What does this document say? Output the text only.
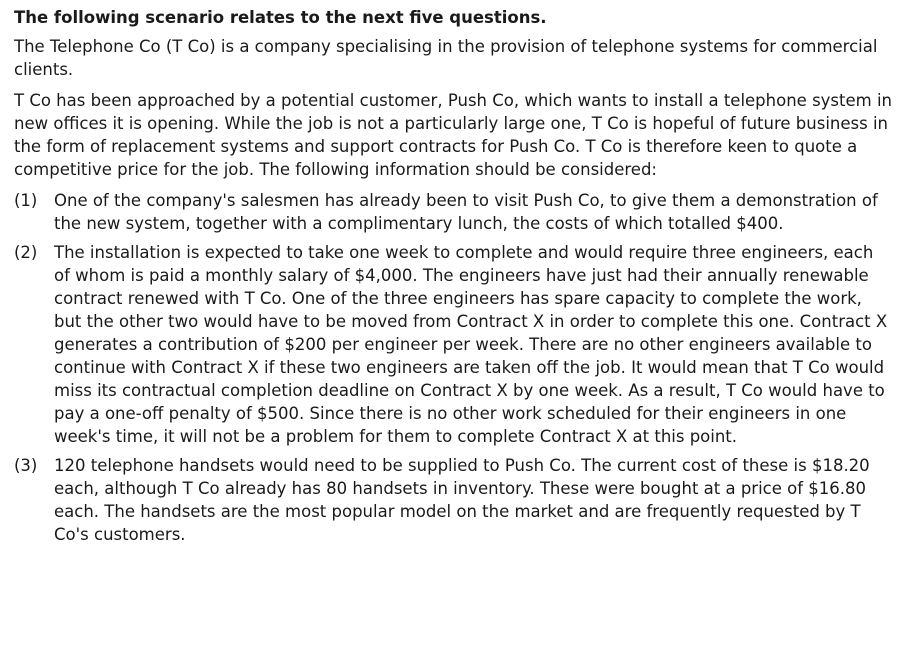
The following scenario relates to the next five questions.

The Telephone Co (T Co) is a company specialising in the provision of telephone systems for commercial clients.

T Co has been approached by a potential customer, Push Co, which wants to install a telephone system in new offices it is opening. While the job is not a particularly large one, T Co is hopeful of future business in the form of replacement systems and support contracts for Push Co. T Co is therefore keen to quote a competitive price for the job. The following information should be considered:

(1)	One of the company's salesmen has already been to visit Push Co, to give them a demonstration of the new system, together with a complimentary lunch, the costs of which totalled $400.
(2)	The installation is expected to take one week to complete and would require three engineers, each of whom is paid a monthly salary of $4,000. The engineers have just had their annually renewable contract renewed with T Co. One of the three engineers has spare capacity to complete the work, but the other two would have to be moved from Contract X in order to complete this one. Contract X generates a contribution of $200 per engineer per week. There are no other engineers available to continue with Contract X if these two engineers are taken off the job. It would mean that T Co would miss its contractual completion deadline on Contract X by one week. As a result, T Co would have to pay a one-off penalty of $500. Since there is no other work scheduled for their engineers in one week's time, it will not be a problem for them to complete Contract X at this point.
(3)	120 telephone handsets would need to be supplied to Push Co. The current cost of these is $18.20 each, although T Co already has 80 handsets in inventory. These were bought at a price of $16.80 each. The handsets are the most popular model on the market and are frequently requested by T Co's customers.
